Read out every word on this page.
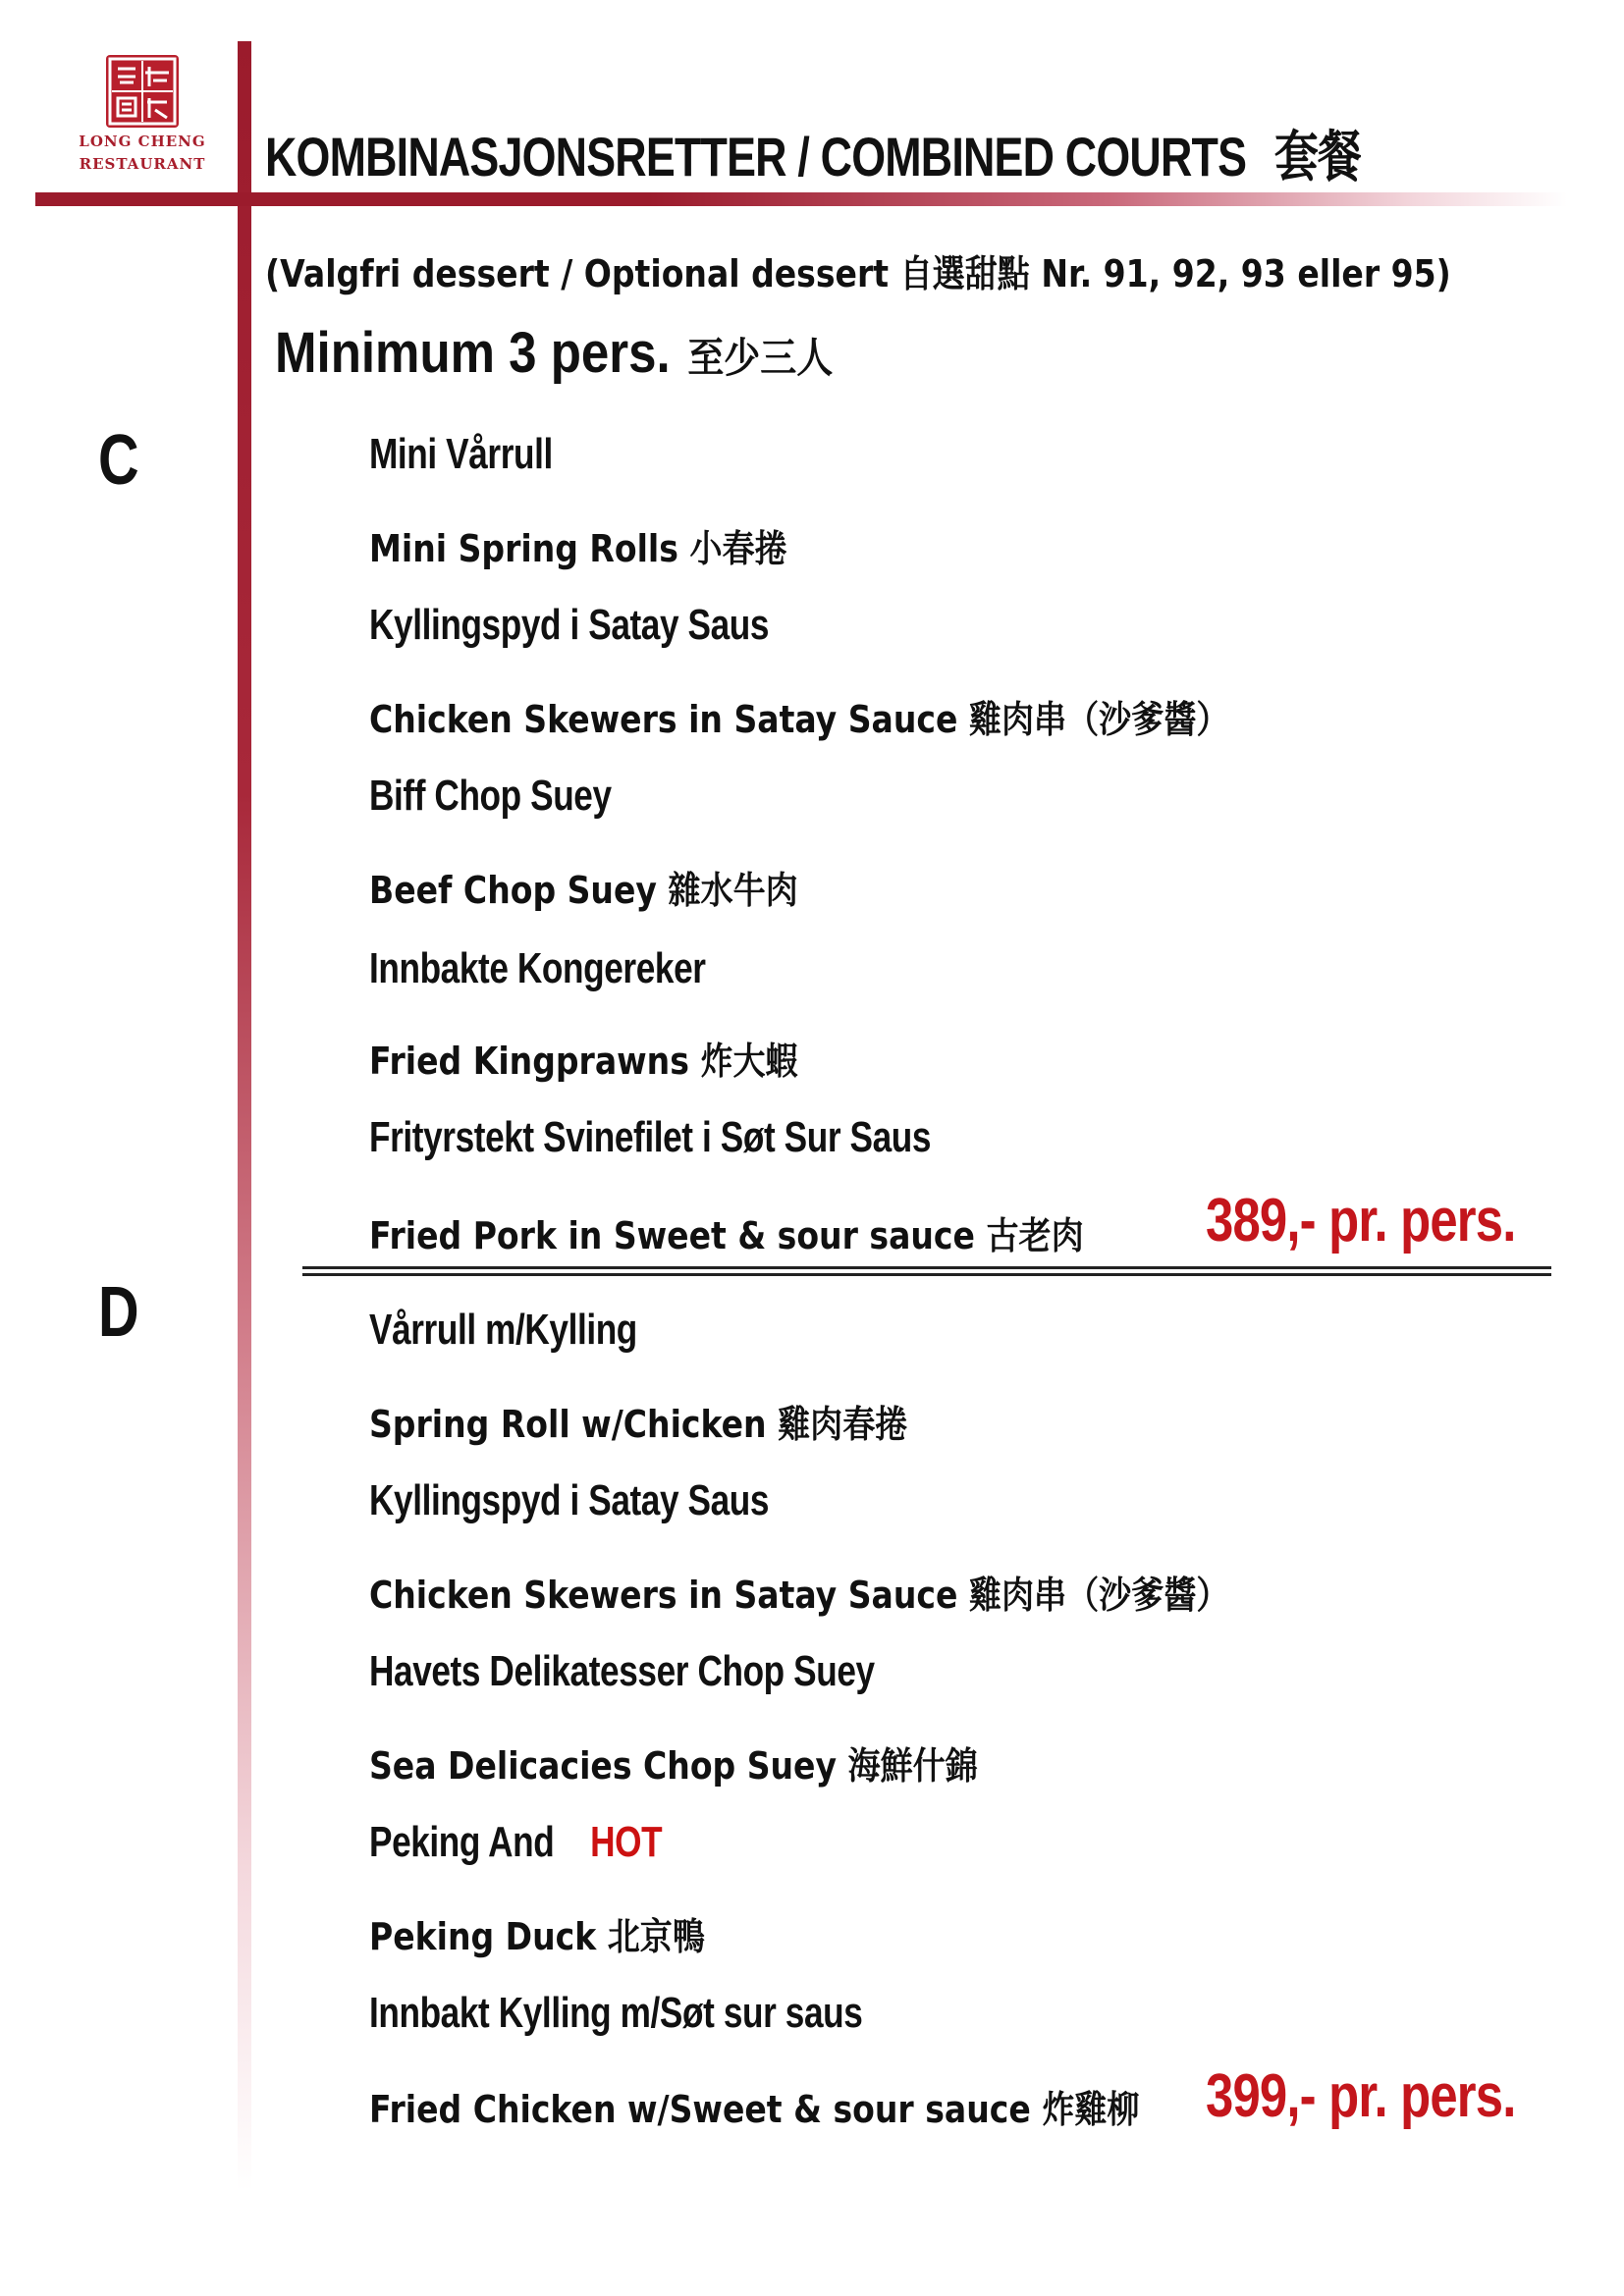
LONG CHENG
RESTAURANT KOMBINASJONSRETTER / COMBINED COURTS 套餐
(Valgfri dessert / Optional dessert 自選甜點 Nr. 91, 92, 93 eller 95)
Minimum 3 pers. 至少三人
C	Mini Vårrull
Mini Spring Rolls 小春捲
Kyllingspyd i Satay Saus
Chicken Skewers in Satay Sauce 雞肉串（沙爹醬）
Biff Chop Suey
Beef Chop Suey 雜水牛肉
Innbakte Kongereker
Fried Kingprawns 炸大蝦
Frityrstekt Svinefilet i Søt Sur Saus
Fried Pork in Sweet & sour sauce 古老肉 389,- pr. pers.
D	Vårrull m/Kylling
Spring Roll w/Chicken 雞肉春捲
Kyllingspyd i Satay Saus
Chicken Skewers in Satay Sauce 雞肉串（沙爹醬）
Havets Delikatesser Chop Suey
Sea Delicacies Chop Suey 海鮮什錦
Peking And HOT
Peking Duck 北京鴨
Innbakt Kylling m/Søt sur saus
Fried Chicken w/Sweet & sour sauce 炸雞柳 399,- pr. pers.
